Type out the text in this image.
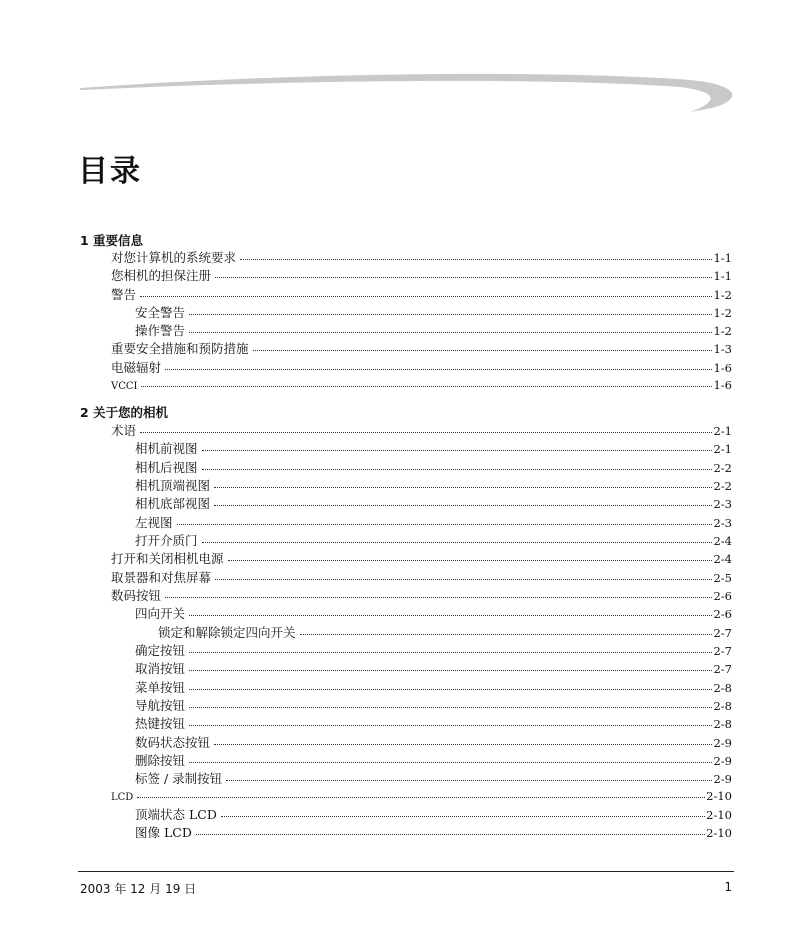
目录
1 重要信息
对您计算机的系统要求	1-1
您相机的担保注册	1-1
警告	1-2
安全警告	1-2
操作警告	1-2
重要安全措施和预防措施	1-3
电磁辐射	1-6
VCCI	1-6
2 关于您的相机
术语	2-1
相机前视图	2-1
相机后视图	2-2
相机顶端视图	2-2
相机底部视图	2-3
左视图	2-3
打开介质门	2-4
打开和关闭相机电源	2-4
取景器和对焦屏幕	2-5
数码按钮	2-6
四向开关	2-6
锁定和解除锁定四向开关	2-7
确定按钮	2-7
取消按钮	2-7
菜单按钮	2-8
导航按钮	2-8
热键按钮	2-8
数码状态按钮	2-9
删除按钮	2-9
标签 / 录制按钮	2-9
LCD	2-10
顶端状态 LCD	2-10
图像 LCD	2-10
2003 年 12 月 19 日	1
